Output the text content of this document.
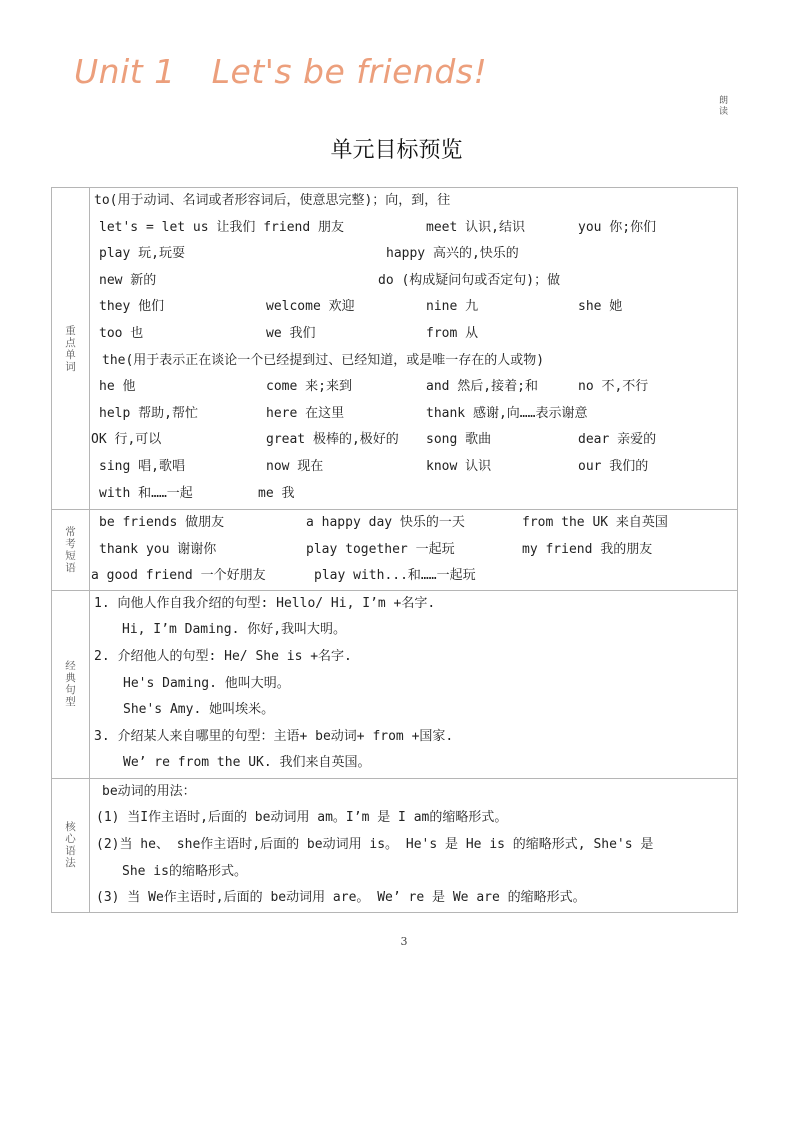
Unit 1 Let's be friends!
朗读
单元目标预览
重点单词	
to(用于动词、名词或者形容词后，使意思完整)；向，到，往
let's = let us 让我们 friend 朋友	meet 认识,结识	you 你;你们
play 玩,玩耍	happy 高兴的,快乐的
new 新的	do (构成疑问句或否定句)；做
they 他们	welcome 欢迎	nine 九	she 她
too 也	we 我们	from 从
the(用于表示正在谈论一个已经提到过、已经知道，或是唯一存在的人或物)
he 他	come 来;来到	and 然后,接着;和	no 不,不行
help 帮助,帮忙	here 在这里	thank 感谢,向……表示谢意
OK 行,可以	great 极棒的,极好的 song 歌曲	dear 亲爱的
sing 唱,歌唱	now 现在	know 认识	our 我们的
with 和……一起	me 我

常考短语	
be friends 做朋友	a happy day 快乐的一天	from the UK 来自英国
thank you 谢谢你	play together 一起玩	my friend 我的朋友
a good friend 一个好朋友	play with...和……一起玩

经典句型	
1. 向他人作自我介绍的句型: Hello/ Hi, I’m +名字.
Hi, I’m Daming. 你好,我叫大明。
2. 介绍他人的句型: He/ She is +名字.
He's Daming. 他叫大明。
She's Amy. 她叫埃米。
3. 介绍某人来自哪里的句型：主语+ be动词+ from +国家.
We’ re from the UK. 我们来自英国。

核心语法	be动词的用法：
(1) 当I作主语时,后面的 be动词用 am。I’m 是 I am的缩略形式。
(2)当 he、 she作主语时,后面的 be动词用 is。 He's 是 He is 的缩略形式, She's 是
She is的缩略形式。
(3) 当 We作主语时,后面的 be动词用 are。 We’ re 是 We are 的缩略形式。
3
